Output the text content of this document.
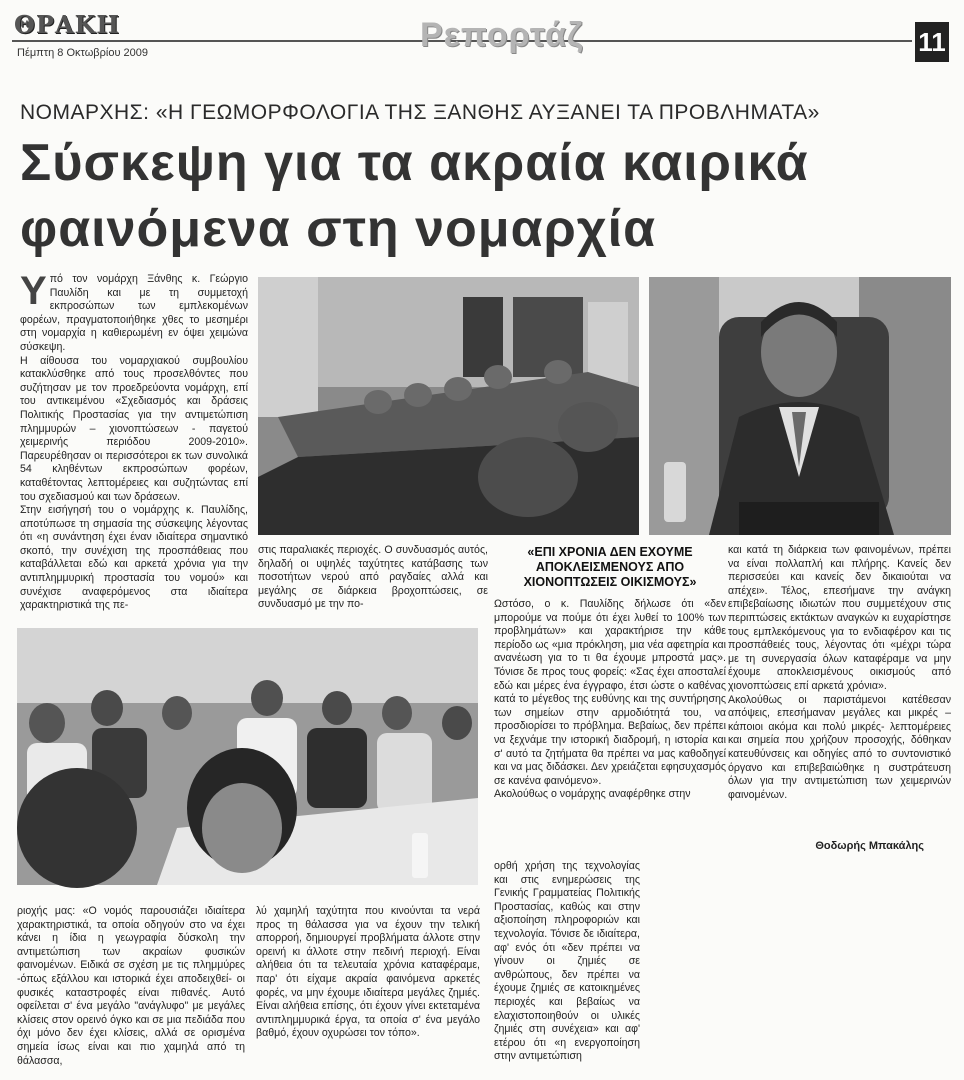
ΘΡΑΚΗ
Πέμπτη 8 Οκτωβρίου 2009	Ρεπορτάζ	11
ΝΟΜΑΡΧΗΣ: «Η ΓΕΩΜΟΡΦΟΛΟΓΙΑ ΤΗΣ ΞΑΝΘΗΣ ΑΥΞΑΝΕΙ ΤΑ ΠΡΟΒΛΗΜΑΤΑ»
Σύσκεψη για τα ακραία καιρικά φαινόμενα στη νομαρχία
Υπό τον νομάρχη Ξάνθης κ. Γεώργιο Παυλίδη και με τη συμμετοχή εκπροσώπων των εμπλεκομένων φορέων, πραγματοποιήθηκε χθες το μεσημέρι στη νομαρχία η καθιερωμένη εν όψει χειμώνα σύσκεψη.
Η αίθουσα του νομαρχιακού συμβουλίου κατακλύσθηκε από τους προσελθόντες που συζήτησαν με τον προεδρεύοντα νομάρχη, επί του αντικειμένου «Σχεδιασμός και δράσεις Πολιτικής Προστασίας για την αντιμετώπιση πλημμυρών – χιονοπτώσεων - παγετού χειμερινής περιόδου 2009-2010». Παρευρέθησαν οι περισσότεροι εκ των συνολικά 54 κληθέντων εκπροσώπων φορέων, καταθέτοντας λεπτομέρειες και συζητώντας επί του σχεδιασμού και των δράσεων.
Στην εισήγησή του ο νομάρχης κ. Παυλίδης, αποτύπωσε τη σημασία της σύσκεψης λέγοντας ότι «η συνάντηση έχει έναν ιδιαίτερα σημαντικό σκοπό, την συνέχιση της προσπάθειας που καταβάλλεται εδώ και αρκετά χρόνια για την αντιπλημμυρική προστασία του νομού» και συνέχισε αναφερόμενος στα ιδιαίτερα χαρακτηριστικά της πε-
στις παραλιακές περιοχές. Ο συνδυασμός αυτός, δηλαδή οι υψηλές ταχύτητες κατάβασης των ποσοτήτων νερού από ραγδαίες αλλά και μεγάλης σε διάρκεια βροχοπτώσεις, σε συνδυασμό με την πο-
«ΕΠΙ ΧΡΟΝΙΑ ΔΕΝ ΕΧΟΥΜΕ ΑΠΟΚΛΕΙΣΜΕΝΟΥΣ ΑΠΟ ΧΙΟΝΟΠΤΩΣΕΙΣ ΟΙΚΙΣΜΟΥΣ»
Ωστόσο, ο κ. Παυλίδης δήλωσε ότι «δεν μπορούμε να πούμε ότι έχει λυθεί το 100% των προβλημάτων» και χαρακτήρισε την κάθε περίοδο ως «μια πρόκληση, μια νέα αφετηρία και ανανέωση για το τι θα έχουμε μπροστά μας». Τόνισε δε προς τους φορείς: «Σας έχει αποσταλεί εδώ και μέρες ένα έγγραφο, έτσι ώστε ο καθένας κατά το μέγεθος της ευθύνης και της συντήρησης των σημείων στην αρμοδιότητά του, να προσδιορίσει το πρόβλημα. Βεβαίως, δεν πρέπει να ξεχνάμε την ιστορική διαδρομή, η ιστορία και σ' αυτό τα ζητήματα θα πρέπει να μας καθοδηγεί και να μας διδάσκει. Δεν χρειάζεται εφησυχασμός σε κανένα φαινόμενο».
Ακολούθως ο νομάρχης αναφέρθηκε στην
ορθή χρήση της τεχνολογίας και στις ενημερώσεις της Γενικής Γραμματείας Πολιτικής Προστασίας, καθώς και στην αξιοποίηση πληροφοριών και τεχνολογία. Τόνισε δε ιδιαίτερα, αφ' ενός ότι «δεν πρέπει να γίνουν οι ζημιές σε ανθρώπους, δεν πρέπει να έχουμε ζημιές σε κατοικημένες περιοχές και βεβαίως να ελαχιστοποιηθούν οι υλικές ζημιές στη συνέχεια» και αφ' ετέρου ότι «η ενεργοποίηση στην αντιμετώπιση
και κατά τη διάρκεια των φαινομένων, πρέπει να είναι πολλαπλή και πλήρης. Κανείς δεν περισσεύει και κανείς δεν δικαιούται να απέχει». Τέλος, επεσήμανε την ανάγκη επιβεβαίωσης ιδιωτών που συμμετέχουν στις περιπτώσεις εκτάκτων αναγκών κι ευχαρίστησε τους εμπλεκόμενους για το ενδιαφέρον και τις προσπάθειές τους, λέγοντας ότι «μέχρι τώρα με τη συνεργασία όλων καταφέραμε να μην έχουμε αποκλεισμένους οικισμούς από χιονοπτώσεις επί αρκετά χρόνια».
Ακολούθως οι παριστάμενοι κατέθεσαν απόψεις, επεσήμαναν μεγάλες και μικρές –κάποιοι ακόμα και πολύ μικρές- λεπτομέρειες και σημεία που χρήζουν προσοχής, δόθηκαν κατευθύνσεις και οδηγίες από το συντονιστικό όργανο και επιβεβαιώθηκε η συστράτευση όλων για την αντιμετώπιση των χειμερινών φαινομένων.
Θοδωρής Μπακάλης
ριοχής μας: «Ο νομός παρουσιάζει ιδιαίτερα χαρακτηριστικά, τα οποία οδηγούν στο να έχει κάνει η ίδια η γεωγραφία δύσκολη την αντιμετώπιση των ακραίων φυσικών φαινομένων. Ειδικά σε σχέση με τις πλημμύρες -όπως εξάλλου και ιστορικά έχει αποδειχθεί- οι φυσικές καταστροφές είναι πιθανές. Αυτό οφείλεται σ' ένα μεγάλο "ανάγλυφο" με μεγάλες κλίσεις στον ορεινό όγκο και σε μια πεδιάδα που όχι μόνο δεν έχει κλίσεις, αλλά σε ορισμένα σημεία ίσως είναι και πιο χαμηλά από τη θάλασσα,
λύ χαμηλή ταχύτητα που κινούνται τα νερά προς τη θάλασσα για να έχουν την τελική απορροή, δημιουργεί προβλήματα άλλοτε στην ορεινή κι άλλοτε στην πεδινή περιοχή. Είναι αλήθεια ότι τα τελευταία χρόνια καταφέραμε, παρ' ότι είχαμε ακραία φαινόμενα αρκετές φορές, να μην έχουμε ιδιαίτερα μεγάλες ζημιές. Είναι αλήθεια επίσης, ότι έχουν γίνει εκτεταμένα αντιπλημμυρικά έργα, τα οποία σ' ένα μεγάλο βαθμό, έχουν οχυρώσει τον τόπο».
